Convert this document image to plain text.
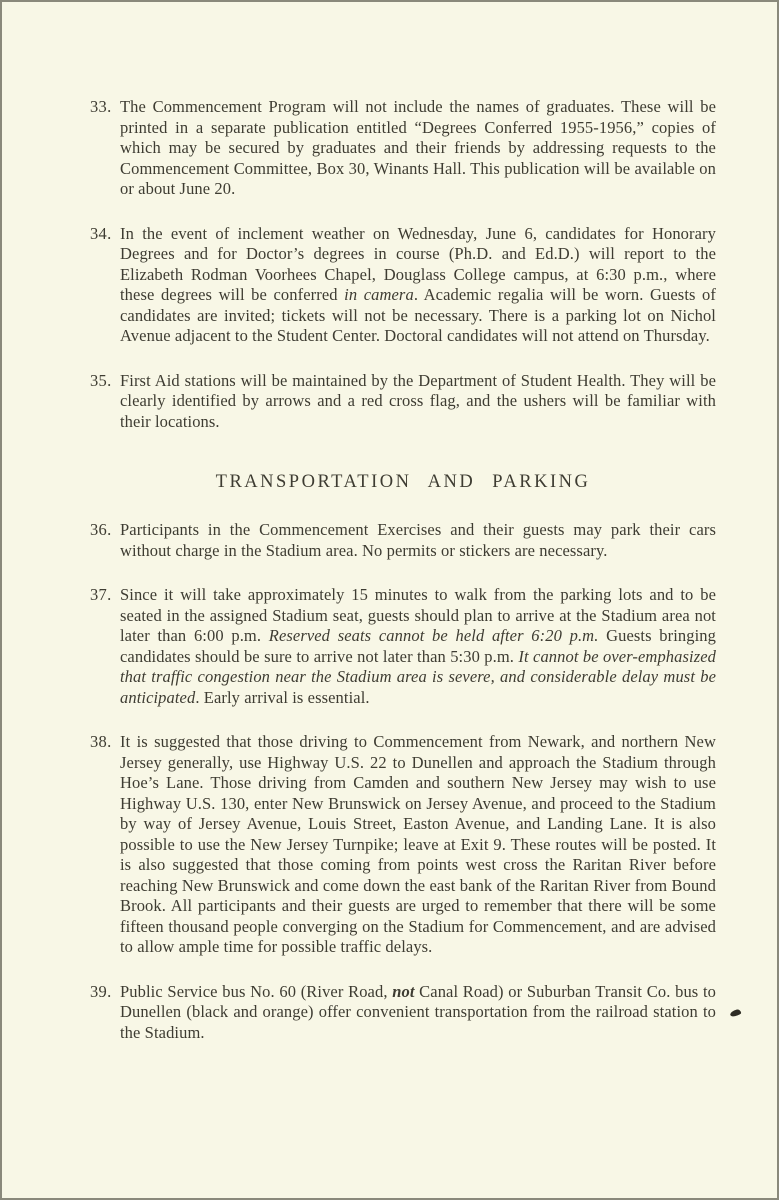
33. The Commencement Program will not include the names of graduates. These will be printed in a separate publication entitled “Degrees Conferred 1955-1956,” copies of which may be secured by graduates and their friends by addressing requests to the Commencement Committee, Box 30, Winants Hall. This publication will be available on or about June 20.

34. In the event of inclement weather on Wednesday, June 6, candidates for Honorary Degrees and for Doctor’s degrees in course (Ph.D. and Ed.D.) will report to the Elizabeth Rodman Voorhees Chapel, Douglass College campus, at 6:30 p.m., where these degrees will be conferred in camera. Academic regalia will be worn. Guests of candidates are invited; tickets will not be necessary. There is a parking lot on Nichol Avenue adjacent to the Student Center. Doctoral candidates will not attend on Thursday.

35. First Aid stations will be maintained by the Department of Student Health. They will be clearly identified by arrows and a red cross flag, and the ushers will be familiar with their locations.

TRANSPORTATION AND PARKING
36. Participants in the Commencement Exercises and their guests may park their cars without charge in the Stadium area. No permits or stickers are necessary.

37. Since it will take approximately 15 minutes to walk from the parking lots and to be seated in the assigned Stadium seat, guests should plan to arrive at the Stadium area not later than 6:00 p.m. Reserved seats cannot be held after 6:20 p.m. Guests bringing candidates should be sure to arrive not later than 5:30 p.m. It cannot be over-emphasized that traffic congestion near the Stadium area is severe, and considerable delay must be anticipated. Early arrival is essential.

38. It is suggested that those driving to Commencement from Newark, and northern New Jersey generally, use Highway U.S. 22 to Dunellen and approach the Stadium through Hoe’s Lane. Those driving from Camden and southern New Jersey may wish to use Highway U.S. 130, enter New Brunswick on Jersey Avenue, and proceed to the Stadium by way of Jersey Avenue, Louis Street, Easton Avenue, and Landing Lane. It is also possible to use the New Jersey Turnpike; leave at Exit 9. These routes will be posted. It is also suggested that those coming from points west cross the Raritan River before reaching New Brunswick and come down the east bank of the Raritan River from Bound Brook. All participants and their guests are urged to remember that there will be some fifteen thousand people converging on the Stadium for Commencement, and are advised to allow ample time for possible traffic delays.

39. Public Service bus No. 60 (River Road, not Canal Road) or Suburban Transit Co. bus to Dunellen (black and orange) offer convenient transportation from the railroad station to the Stadium.
